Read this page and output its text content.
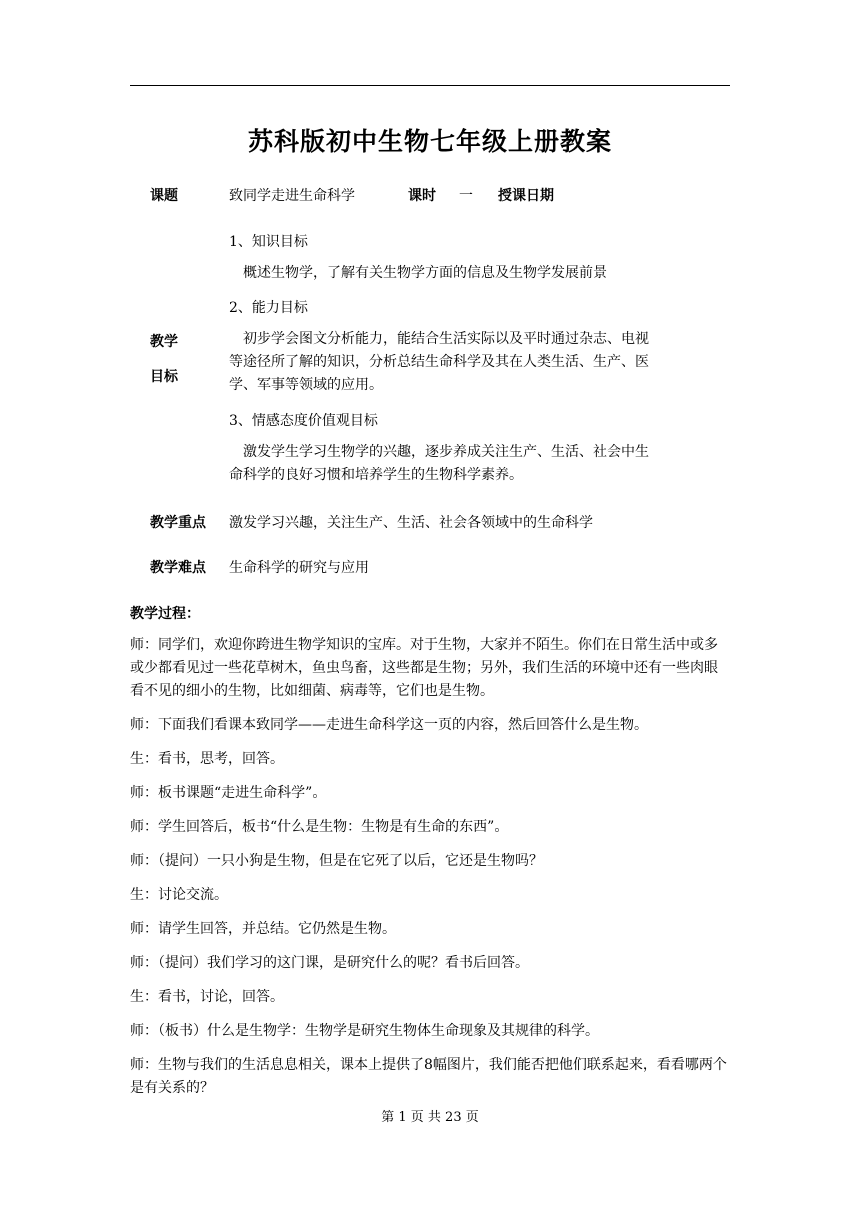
苏科版初中生物七年级上册教案
课题	致同学走进生命科学	课时 一 授课日期
1、知识目标
概述生物学，了解有关生物学方面的信息及生物学发展前景
2、能力目标
教学
目标
初步学会图文分析能力，能结合生活实际以及平时通过杂志、电视等途径所了解的知识，分析总结生命科学及其在人类生活、生产、医学、军事等领域的应用。
3、情感态度价值观目标
激发学生学习生物学的兴趣，逐步养成关注生产、生活、社会中生命科学的良好习惯和培养学生的生物科学素养。
教学重点 激发学习兴趣，关注生产、生活、社会各领域中的生命科学
教学难点 生命科学的研究与应用
教学过程：
师：同学们，欢迎你跨进生物学知识的宝库。对于生物，大家并不陌生。你们在日常生活中或多或少都看见过一些花草树木，鱼虫鸟畜，这些都是生物；另外，我们生活的环境中还有一些肉眼看不见的细小的生物，比如细菌、病毒等，它们也是生物。
师：下面我们看课本致同学——走进生命科学这一页的内容，然后回答什么是生物。
生：看书，思考，回答。
师：板书课题“走进生命科学”。
师：学生回答后，板书“什么是生物：生物是有生命的东西”。
师：（提问）一只小狗是生物，但是在它死了以后，它还是生物吗？
生：讨论交流。
师：请学生回答，并总结。它仍然是生物。
师：（提问）我们学习的这门课，是研究什么的呢？看书后回答。
生：看书，讨论，回答。
师：（板书）什么是生物学：生物学是研究生物体生命现象及其规律的科学。
师：生物与我们的生活息息相关，课本上提供了8幅图片，我们能否把他们联系起来，看看哪两个是有关系的？
第 1 页 共 23 页
